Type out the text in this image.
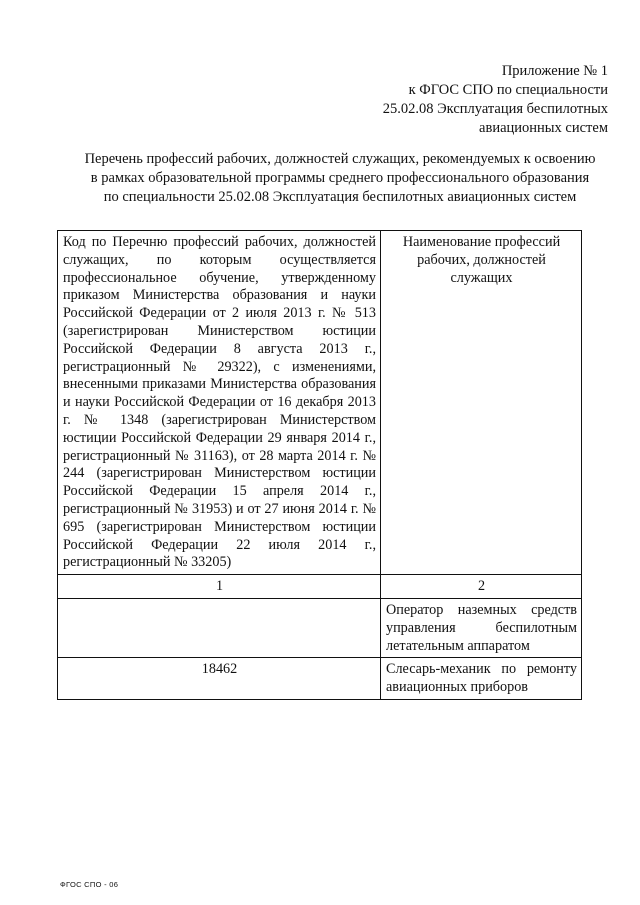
Приложение № 1
к ФГОС СПО по специальности
25.02.08 Эксплуатация беспилотных
авиационных систем
Перечень профессий рабочих, должностей служащих, рекомендуемых к освоению
в рамках образовательной программы среднего профессионального образования
по специальности 25.02.08 Эксплуатация беспилотных авиационных систем
Код по Перечню профессий рабочих, должностей служащих, по которым осуществляется профессиональное обучение, утвержденному приказом Министерства образования и науки Российской Федерации от 2 июля 2013 г. № 513 (зарегистрирован Министерством юстиции Российской Федерации 8 августа 2013 г., регистрационный № 29322), с изменениями, внесенными приказами Министерства образования и науки Российской Федерации от 16 декабря 2013 г. № 1348 (зарегистрирован Министерством юстиции Российской Федерации 29 января 2014 г., регистрационный № 31163), от 28 марта 2014 г. № 244 (зарегистрирован Министерством юстиции Российской Федерации 15 апреля 2014 г., регистрационный № 31953) и от 27 июня 2014 г. № 695 (зарегистрирован Министерством юстиции Российской Федерации 22 июля 2014 г., регистрационный № 33205)	Наименование профессий рабочих, должностей служащих
1	2
	Оператор наземных средств управления беспилотным летательным аппаратом
18462	Слесарь-механик по ремонту авиационных приборов
ФГОС СПО - 06
